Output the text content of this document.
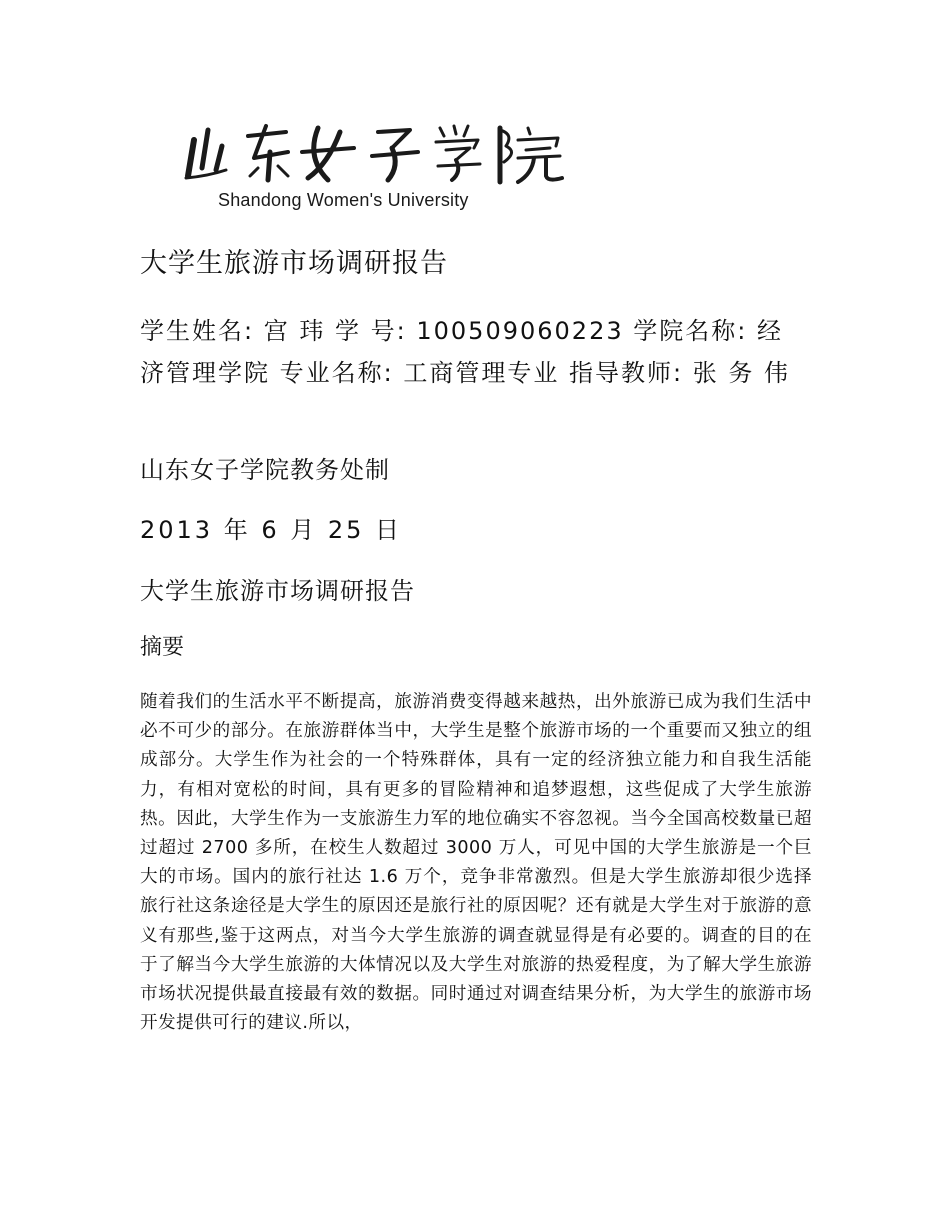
Shandong Women's University
大学生旅游市场调研报告
学生姓名: 宫 玮 学 号: 100509060223 学院名称: 经济管理学院 专业名称: 工商管理专业 指导教师: 张 务 伟
山东女子学院教务处制
2013 年 6 月 25 日
大学生旅游市场调研报告
摘要
随着我们的生活水平不断提高，旅游消费变得越来越热，出外旅游已成为我们生活中必不可少的部分。在旅游群体当中，大学生是整个旅游市场的一个重要而又独立的组成部分。大学生作为社会的一个特殊群体，具有一定的经济独立能力和自我生活能力，有相对宽松的时间，具有更多的冒险精神和追梦遐想，这些促成了大学生旅游热。因此，大学生作为一支旅游生力军的地位确实不容忽视。当今全国高校数量已超过超过 2700 多所，在校生人数超过 3000 万人，可见中国的大学生旅游是一个巨大的市场。国内的旅行社达 1.6 万个，竞争非常激烈。但是大学生旅游却很少选择旅行社这条途径是大学生的原因还是旅行社的原因呢？还有就是大学生对于旅游的意义有那些,鉴于这两点，对当今大学生旅游的调查就显得是有必要的。调查的目的在于了解当今大学生旅游的大体情况以及大学生对旅游的热爱程度，为了解大学生旅游市场状况提供最直接最有效的数据。同时通过对调查结果分析，为大学生的旅游市场开发提供可行的建议.所以，
